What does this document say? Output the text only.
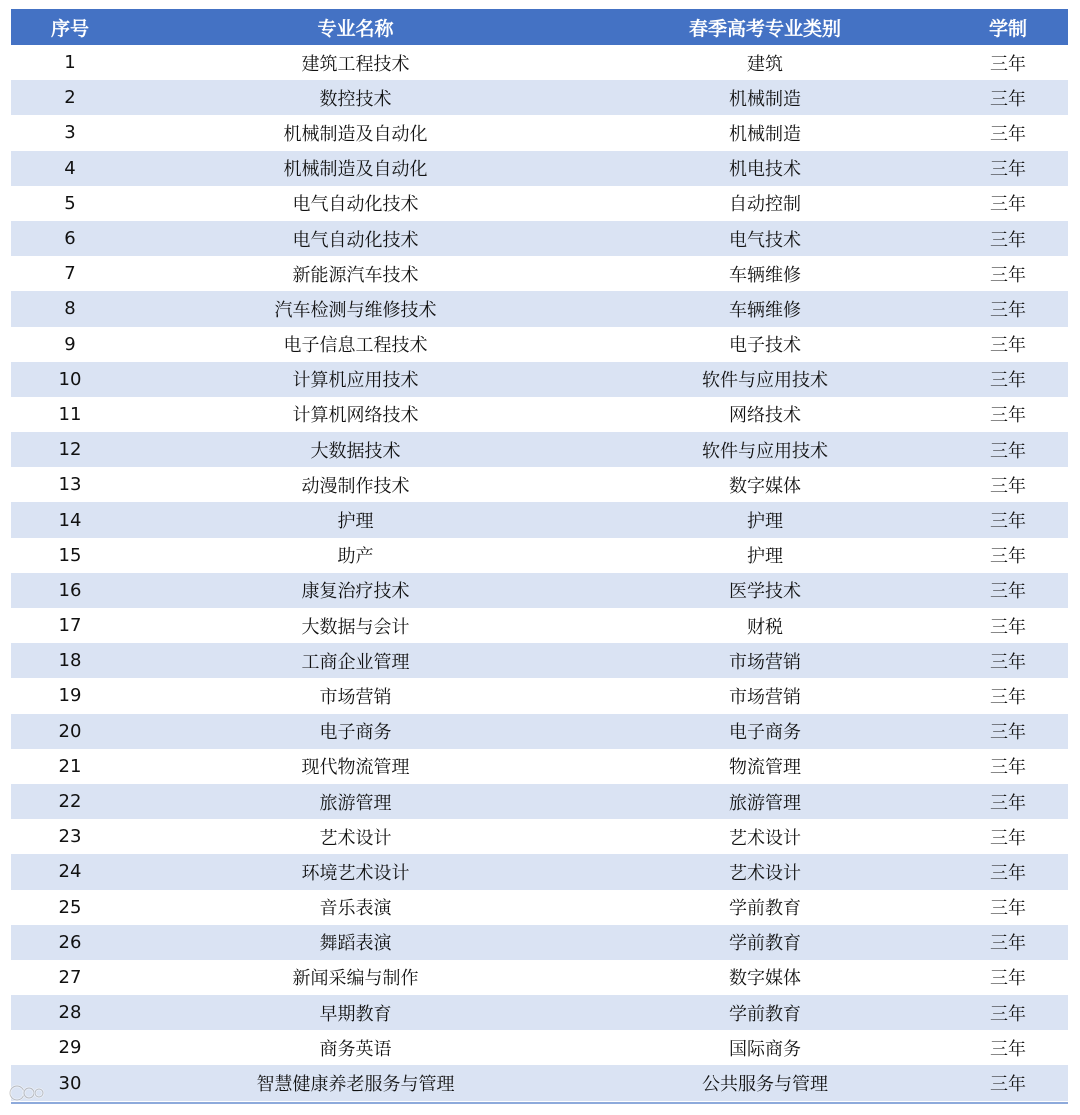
序号	专业名称	春季高考专业类别	学制
1	建筑工程技术	建筑	三年
2	数控技术	机械制造	三年
3	机械制造及自动化	机械制造	三年
4	机械制造及自动化	机电技术	三年
5	电气自动化技术	自动控制	三年
6	电气自动化技术	电气技术	三年
7	新能源汽车技术	车辆维修	三年
8	汽车检测与维修技术	车辆维修	三年
9	电子信息工程技术	电子技术	三年
10	计算机应用技术	软件与应用技术	三年
11	计算机网络技术	网络技术	三年
12	大数据技术	软件与应用技术	三年
13	动漫制作技术	数字媒体	三年
14	护理	护理	三年
15	助产	护理	三年
16	康复治疗技术	医学技术	三年
17	大数据与会计	财税	三年
18	工商企业管理	市场营销	三年
19	市场营销	市场营销	三年
20	电子商务	电子商务	三年
21	现代物流管理	物流管理	三年
22	旅游管理	旅游管理	三年
23	艺术设计	艺术设计	三年
24	环境艺术设计	艺术设计	三年
25	音乐表演	学前教育	三年
26	舞蹈表演	学前教育	三年
27	新闻采编与制作	数字媒体	三年
28	早期教育	学前教育	三年
29	商务英语	国际商务	三年
30	智慧健康养老服务与管理	公共服务与管理	三年
